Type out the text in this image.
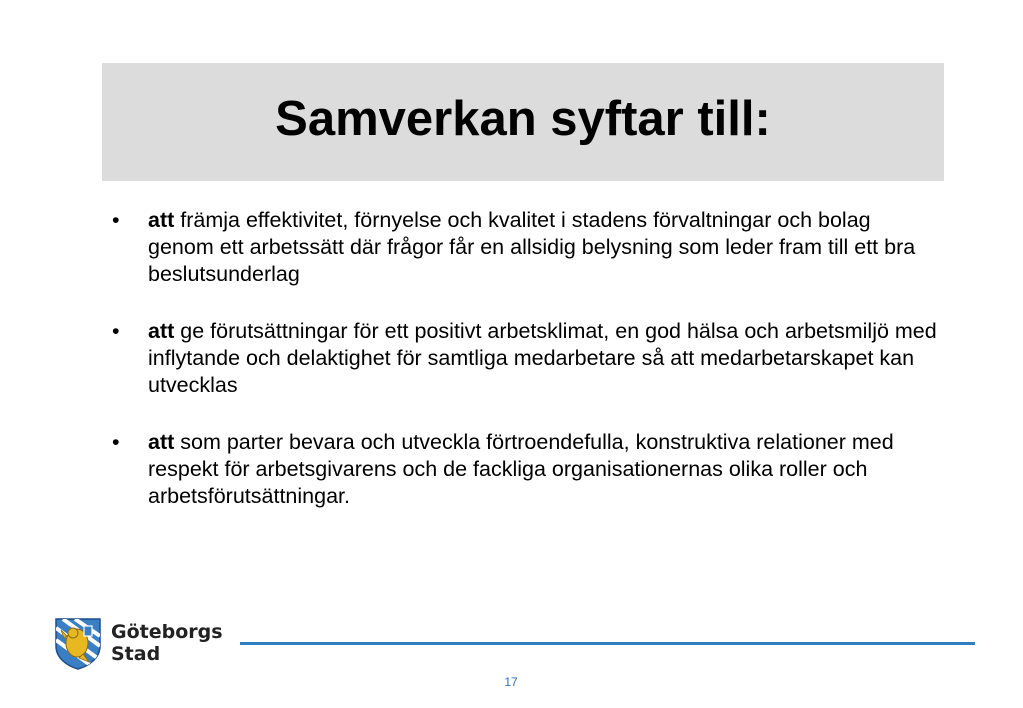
Samverkan syftar till:
• att främja effektivitet, förnyelse och kvalitet i stadens förvaltningar och bolag genom ett arbetssätt där frågor får en allsidig belysning som leder fram till ett bra beslutsunderlag
• att ge förutsättningar för ett positivt arbetsklimat, en god hälsa och arbetsmiljö med inflytande och delaktighet för samtliga medarbetare så att medarbetarskapet kan utvecklas
• att som parter bevara och utveckla förtroendefulla, konstruktiva relationer med respekt för arbetsgivarens och de fackliga organisationernas olika roller och arbetsförutsättningar.
Göteborgs
Stad
17
